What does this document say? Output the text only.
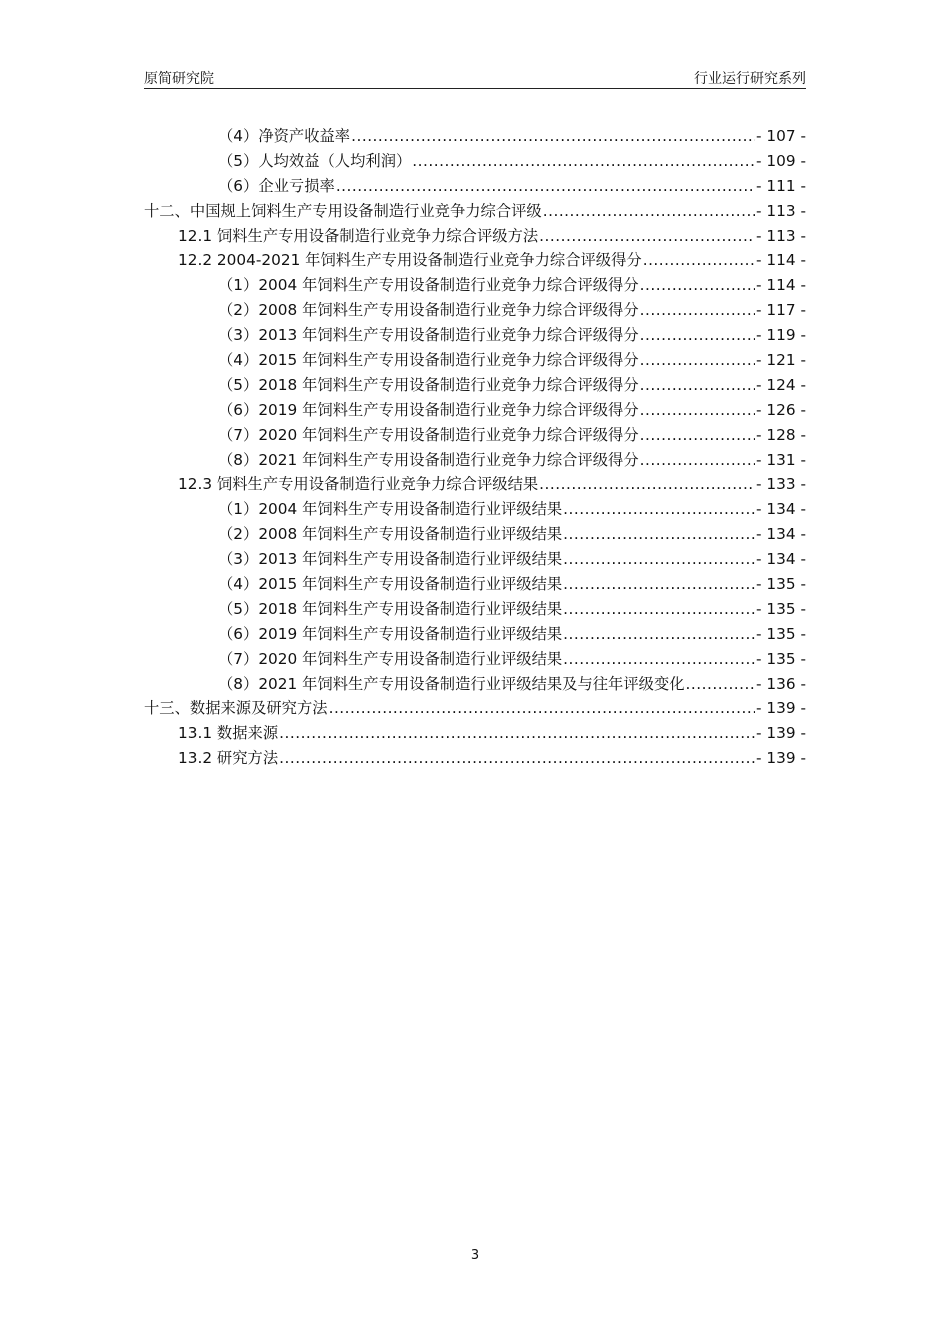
原简研究院	行业运行研究系列
（4）净资产收益率 .....	- 107 -
（5）人均效益（人均利润） .....	- 109 -
（6）企业亏损率 .....	- 111 -
十二、中国规上饲料生产专用设备制造行业竞争力综合评级 .....	- 113 -
12.1 饲料生产专用设备制造行业竞争力综合评级方法 .....	- 113 -
12.2 2004-2021 年饲料生产专用设备制造行业竞争力综合评级得分 .....	- 114 -
（1）2004 年饲料生产专用设备制造行业竞争力综合评级得分 .....	- 114 -
（2）2008 年饲料生产专用设备制造行业竞争力综合评级得分 .....	- 117 -
（3）2013 年饲料生产专用设备制造行业竞争力综合评级得分 .....	- 119 -
（4）2015 年饲料生产专用设备制造行业竞争力综合评级得分 .....	- 121 -
（5）2018 年饲料生产专用设备制造行业竞争力综合评级得分 .....	- 124 -
（6）2019 年饲料生产专用设备制造行业竞争力综合评级得分 .....	- 126 -
（7）2020 年饲料生产专用设备制造行业竞争力综合评级得分 .....	- 128 -
（8）2021 年饲料生产专用设备制造行业竞争力综合评级得分 .....	- 131 -
12.3 饲料生产专用设备制造行业竞争力综合评级结果 .....	- 133 -
（1）2004 年饲料生产专用设备制造行业评级结果 .....	- 134 -
（2）2008 年饲料生产专用设备制造行业评级结果 .....	- 134 -
（3）2013 年饲料生产专用设备制造行业评级结果 .....	- 134 -
（4）2015 年饲料生产专用设备制造行业评级结果 .....	- 135 -
（5）2018 年饲料生产专用设备制造行业评级结果 .....	- 135 -
（6）2019 年饲料生产专用设备制造行业评级结果 .....	- 135 -
（7）2020 年饲料生产专用设备制造行业评级结果 .....	- 135 -
（8）2021 年饲料生产专用设备制造行业评级结果及与往年评级变化 .....	- 136 -
十三、数据来源及研究方法 .....	- 139 -
13.1 数据来源 .....	- 139 -
13.2 研究方法 .....	- 139 -
3
